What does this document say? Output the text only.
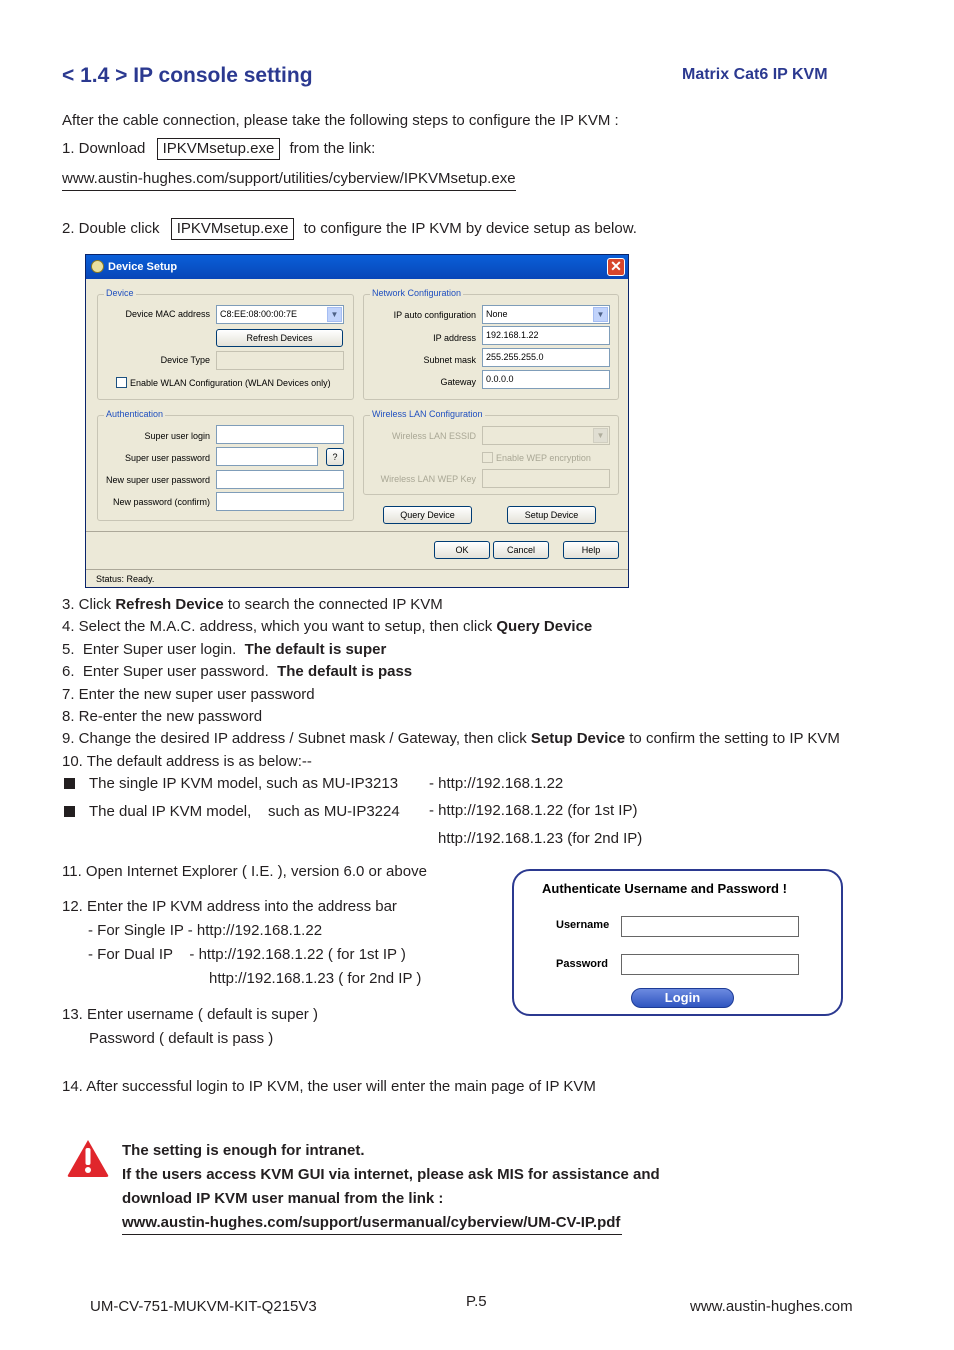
< 1.4 > IP console setting	Matrix Cat6 IP KVM
After the cable connection, please take the following steps to configure the IP KVM :
1. Download IPKVMsetup.exe from the link:
www.austin-hughes.com/support/utilities/cyberview/IPKVMsetup.exe
2. Double click IPKVMsetup.exe to configure the IP KVM by device setup as below.
Device Setup	✕
Device
Device MAC address	C8:EE:08:00:00:7E	▼
Refresh Devices
Device Type
Enable WLAN Configuration (WLAN Devices only)
Network Configuration
IP auto configuration	None	▼
IP address	192.168.1.22
Subnet mask	255.255.255.0
Gateway	0.0.0.0
Authentication
Super user login
Super user password	?
New super user password
New password (confirm)
Wireless LAN Configuration
Wireless LAN ESSID	▼
Enable WEP encryption
Wireless LAN WEP Key
Query Device	Setup Device
OK	Cancel	Help
Status: Ready.
3. Click Refresh Device to search the connected IP KVM
4. Select the M.A.C. address, which you want to setup, then click Query Device
5.  Enter Super user login.  The default is super
6.  Enter Super user password.  The default is pass
7. Enter the new super user password
8. Re-enter the new password
9. Change the desired IP address / Subnet mask / Gateway, then click Setup Device to confirm the setting to IP KVM
10. The default address is as below:--
The single IP KVM model, such as MU-IP3213 - http://192.168.1.22
The dual IP KVM model,    such as MU-IP3224 - http://192.168.1.22 (for 1st IP)
http://192.168.1.23 (for 2nd IP)
11. Open Internet Explorer ( I.E. ), version 6.0 or above
12. Enter the IP KVM address into the address bar
- For Single IP - http://192.168.1.22
- For Dual IP    - http://192.168.1.22 ( for 1st IP )
http://192.168.1.23 ( for 2nd IP )
13. Enter username ( default is super )
Password ( default is pass )
14. After successful login to IP KVM, the user will enter the main page of IP KVM
Authenticate Username and Password !
Username
Password
Login
The setting is enough for intranet.
If the users access KVM GUI via internet, please ask MIS for assistance and
download IP KVM user manual from the link :
www.austin-hughes.com/support/usermanual/cyberview/UM-CV-IP.pdf
UM-CV-751-MUKVM-KIT-Q215V3	P.5	www.austin-hughes.com
